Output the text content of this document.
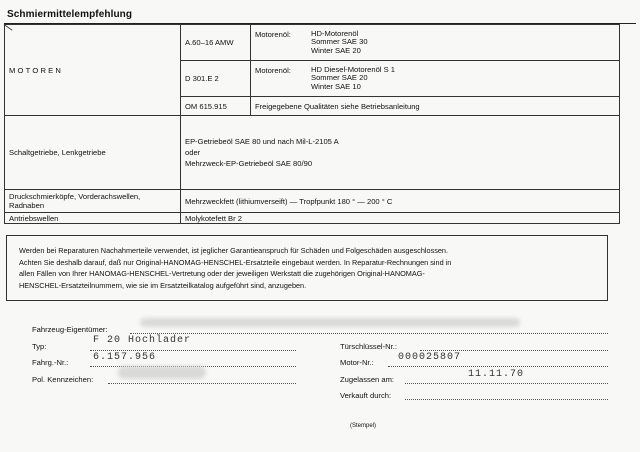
Schmiermittelempfehlung
MOTOREN	A.60–16 AMW	Motorenöl: HD-Motorenöl
Sommer SAE 30
Winter SAE 20

	D 301.E 2	Motorenöl: HD Diesel-Motorenöl S 1
Sommer SAE 20
Winter SAE 10

	OM 615.915	Freigegebene Qualitäten siehe Betriebsanleitung
Schaltgetriebe, Lenkgetriebe	EP-Getriebeöl SAE 80 und nach Mil-L-2105 A
oder
Mehrzweck-EP-Getriebeöl SAE 80/90	

Druckschmierköpfe, Vorderachswellen,
Radnaben	Mehrzweckfett (lithiumverseift) — Tropfpunkt 180 ° — 200 ° C	
Antriebswellen	Molykotefett Br 2	
Werden bei Reparaturen Nachahmerteile verwendet, ist jeglicher Garantieanspruch für Schäden und Folgeschäden ausgeschlossen.
Achten Sie deshalb darauf, daß nur Original-HANOMAG-HENSCHEL-Ersatzteile eingebaut werden. In Reparatur-Rechnungen sind in
allen Fällen von Ihrer HANOMAG-HENSCHEL-Vertretung oder der jeweiligen Werkstatt die zugehörigen Original-HANOMAG-
HENSCHEL-Ersatzteilnummern, wie sie im Ersatzteilkatalog aufgeführt sind, anzugeben.
Fahrzeug-Eigentümer:
Typ:
F 20 Hochlader
Fahrg.-Nr.: 6.157.956
Pol. Kennzeichen:
Türschlüssel-Nr.:
Motor-Nr.: 000025807
Zugelassen am:	11.11.70
Verkauft durch:
(Stempel)
